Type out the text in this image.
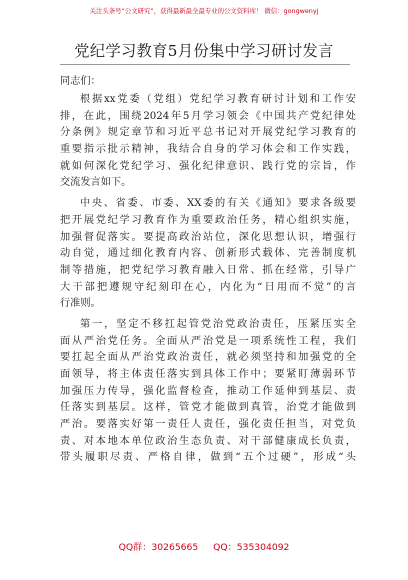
关注头条号“公文研究”，获得最新最全最专业的公文资料库！ 微信：gongwenyj
党纪学习教育5月份集中学习研讨发言
同志们：
根据xx党委（党组）党纪学习教育研讨计划和工作安
排，在此，围绕2024年5月学习领会《中国共产党纪律处
分条例》规定章节和习近平总书记对开展党纪学习教育的
重要指示批示精神，我结合自身的学习体会和工作实践，
就如何深化党纪学习、强化纪律意识、践行党的宗旨，作
交流发言如下。
中央、省委、市委、XX委的有关《通知》要求各级要
把开展党纪学习教育作为重要政治任务，精心组织实施，
加强督促落实。要提高政治站位，深化思想认识，增强行
动自觉，通过细化教育内容、创新形式载体、完善制度机
制等措施，把党纪学习教育融入日常、抓在经常，引导广
大干部把遵规守纪刻印在心，内化为“日用而不觉”的言
行准则。
第一，坚定不移扛起管党治党政治责任，压紧压实全
面从严治党任务。全面从严治党是一项系统性工程，我们
要扛起全面从严治党政治责任，就必须坚持和加强党的全
面领导，将主体责任落实到具体工作中；要紧盯薄弱环节
加强压力传导，强化监督检查，推动工作延伸到基层、责
任落实到基层。这样，管党才能做到真管，治党才能做到
严治。要落实好第一责任人责任，强化责任担当，对党负
责、对本地本单位政治生态负责、对干部健康成长负责，
带头履职尽责、严格自律，做到“五个过硬”，形成“头
QQ群：30265665 QQ：535304092
